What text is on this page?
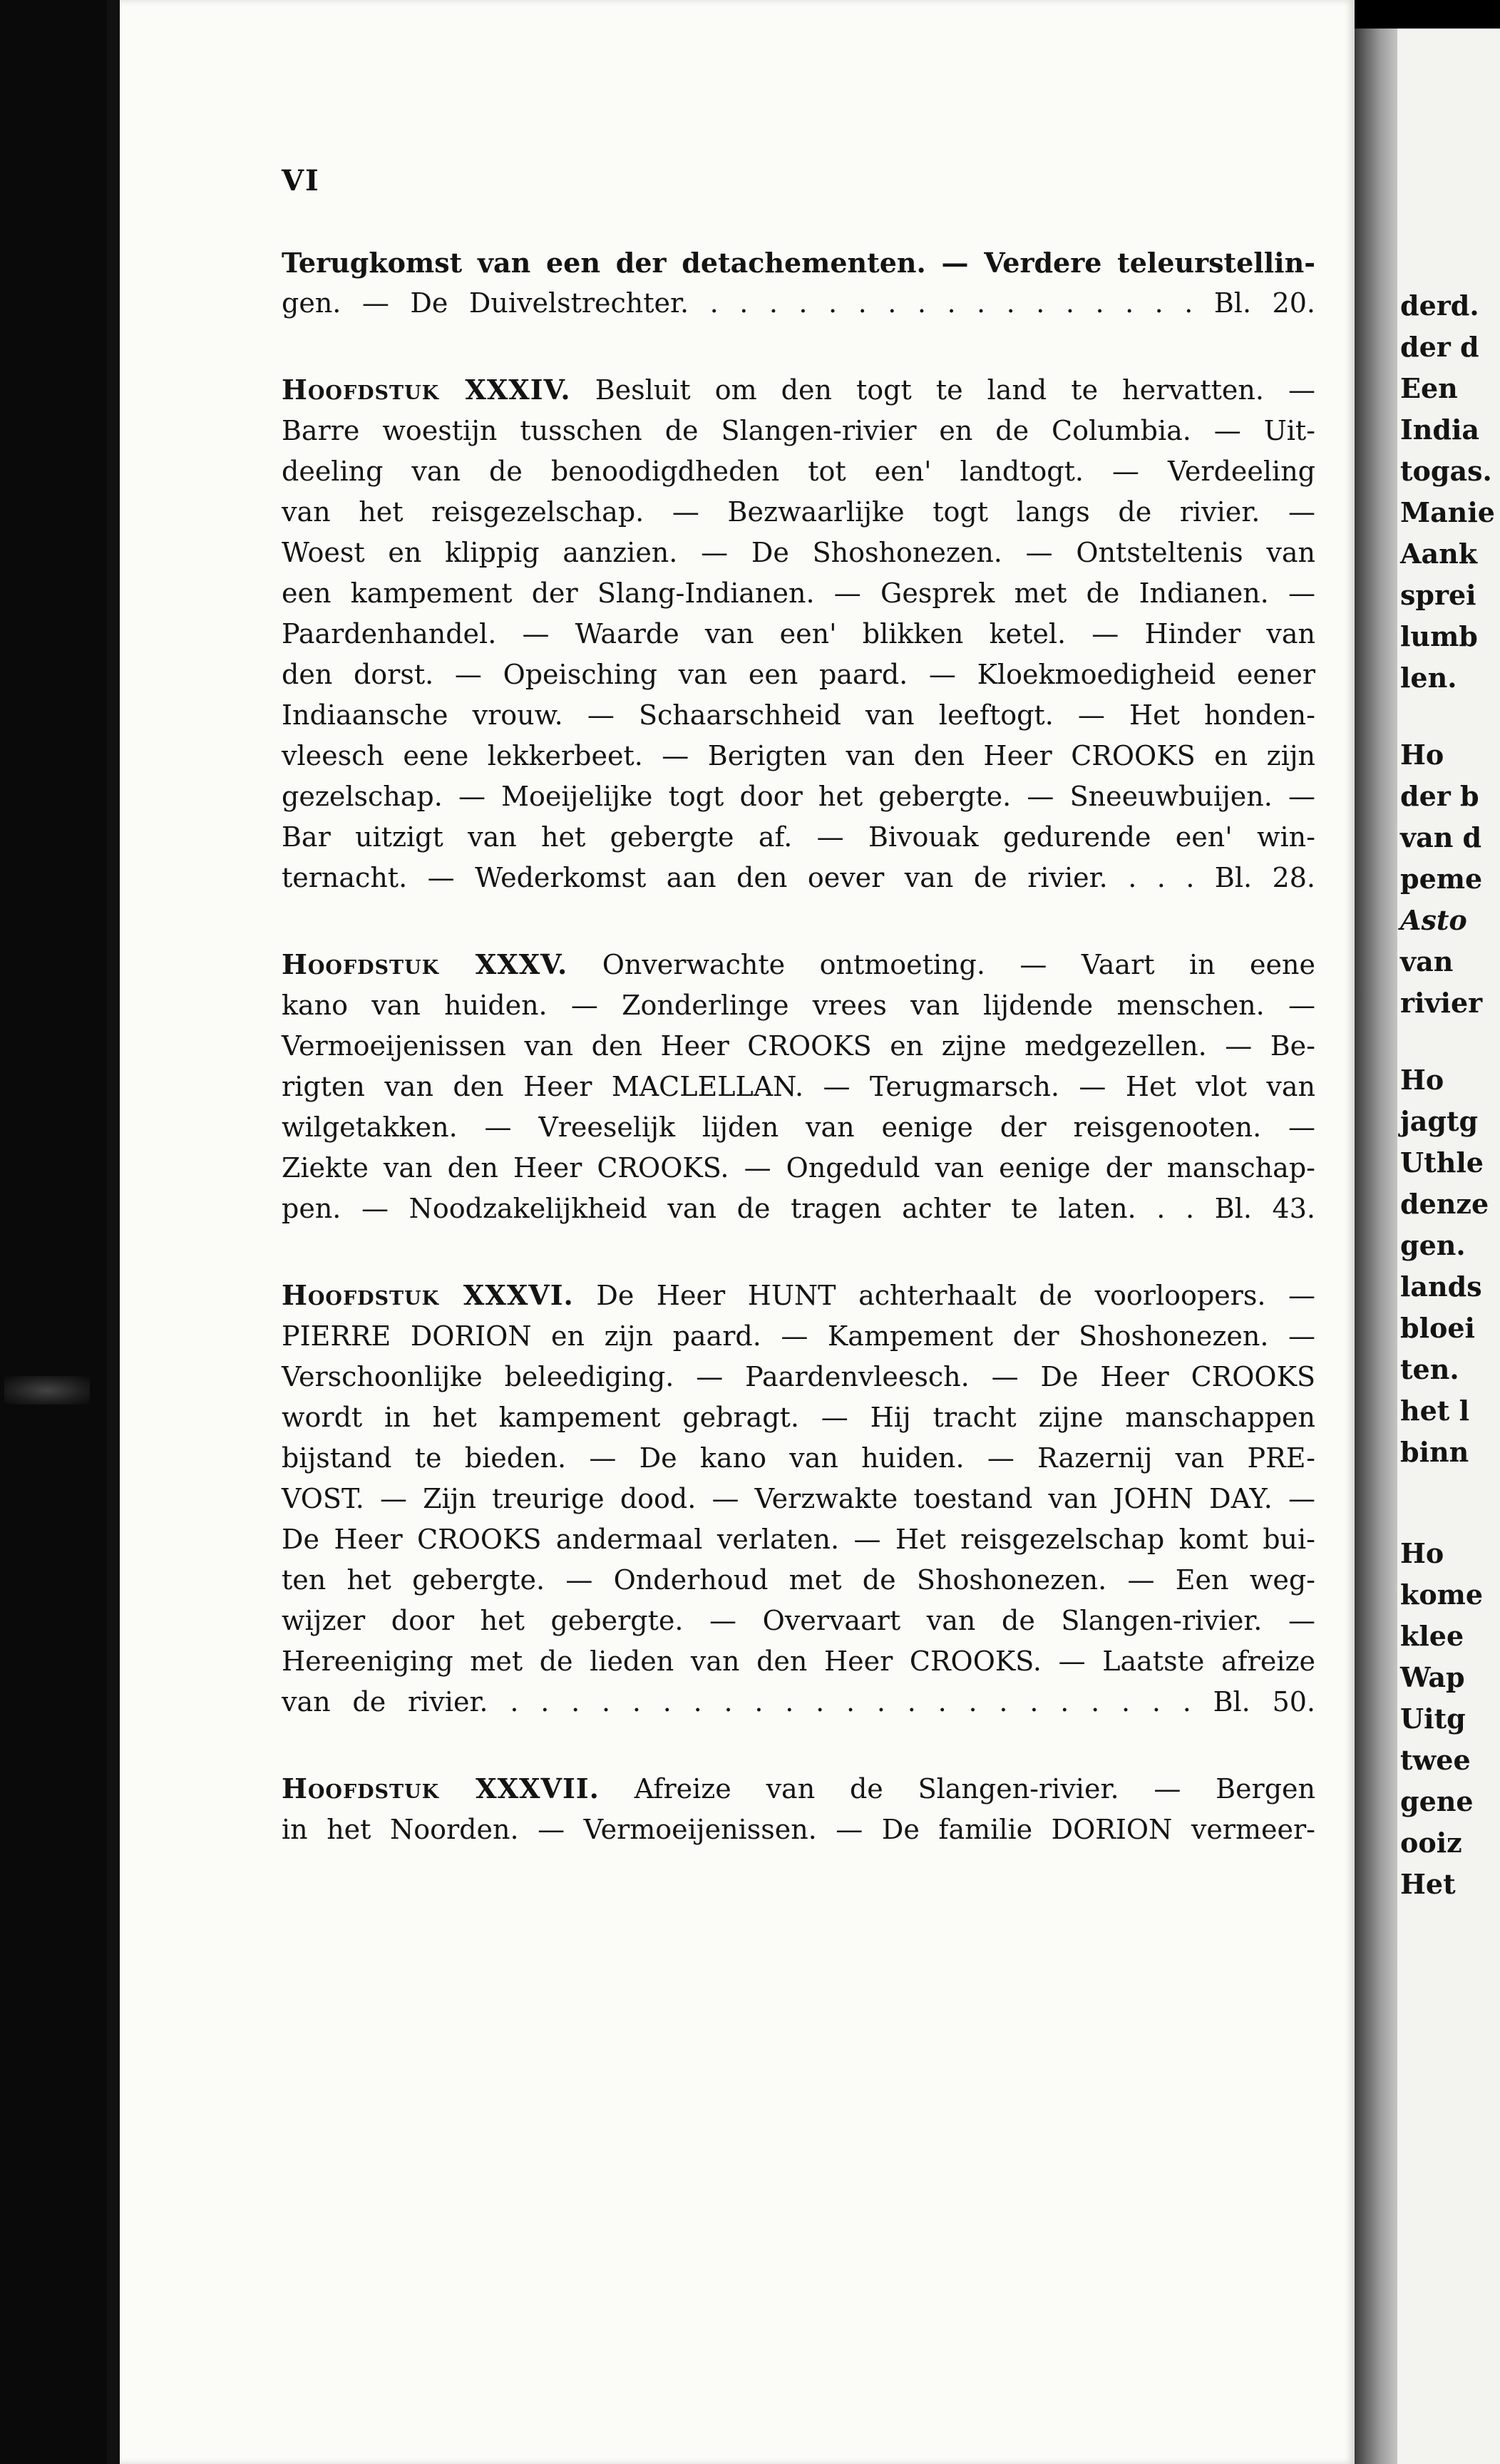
VI
Terugkomst van een der detachementen. — Verdere teleurstellin-
gen. — De Duivelstrechter. . . . . . . . . . . . . . . . . . Bl. 20.
Hoofdstuk XXXIV. Besluit om den togt te land te hervatten. —
Barre woestijn tusschen de Slangen-rivier en de Columbia. — Uit-
deeling van de benoodigdheden tot een' landtogt. — Verdeeling
van het reisgezelschap. — Bezwaarlijke togt langs de rivier. —
Woest en klippig aanzien. — De Shoshonezen. — Ontsteltenis van
een kampement der Slang-Indianen. — Gesprek met de Indianen. —
Paardenhandel. — Waarde van een' blikken ketel. — Hinder van
den dorst. — Opeisching van een paard. — Kloekmoedigheid eener
Indiaansche vrouw. — Schaarschheid van leeftogt. — Het honden-
vleesch eene lekkerbeet. — Berigten van den Heer CROOKS en zijn
gezelschap. — Moeijelijke togt door het gebergte. — Sneeuwbuijen. —
Bar uitzigt van het gebergte af. — Bivouak gedurende een' win-
ternacht. — Wederkomst aan den oever van de rivier. . . . Bl. 28.
Hoofdstuk XXXV. Onverwachte ontmoeting. — Vaart in eene
kano van huiden. — Zonderlinge vrees van lijdende menschen. —
Vermoeijenissen van den Heer CROOKS en zijne medgezellen. — Be-
rigten van den Heer MACLELLAN. — Terugmarsch. — Het vlot van
wilgetakken. — Vreeselijk lijden van eenige der reisgenooten. —
Ziekte van den Heer CROOKS. — Ongeduld van eenige der manschap-
pen. — Noodzakelijkheid van de tragen achter te laten. . . Bl. 43.
Hoofdstuk XXXVI. De Heer HUNT achterhaalt de voorloopers. —
PIERRE DORION en zijn paard. — Kampement der Shoshonezen. —
Verschoonlijke beleediging. — Paardenvleesch. — De Heer CROOKS
wordt in het kampement gebragt. — Hij tracht zijne manschappen
bijstand te bieden. — De kano van huiden. — Razernij van PRE-
VOST. — Zijn treurige dood. — Verzwakte toestand van JOHN DAY. —
De Heer CROOKS andermaal verlaten. — Het reisgezelschap komt bui-
ten het gebergte. — Onderhoud met de Shoshonezen. — Een weg-
wijzer door het gebergte. — Overvaart van de Slangen-rivier. —
Hereeniging met de lieden van den Heer CROOKS. — Laatste afreize
van de rivier. . . . . . . . . . . . . . . . . . . . . . . . Bl. 50.
Hoofdstuk XXXVII. Afreize van de Slangen-rivier. — Bergen
in het Noorden. — Vermoeijenissen. — De familie DORION vermeer-
derd.
der d
Een
India
togas.
Manie
Aank
sprei
lumb
len.
Ho
der b
van d
peme
Asto
van
rivier
Ho
jagtg
Uthle
denze
gen.
lands
bloei
ten.
het l
binn
Ho
kome
klee
Wap
Uitg
twee
gene
ooiz
Het
